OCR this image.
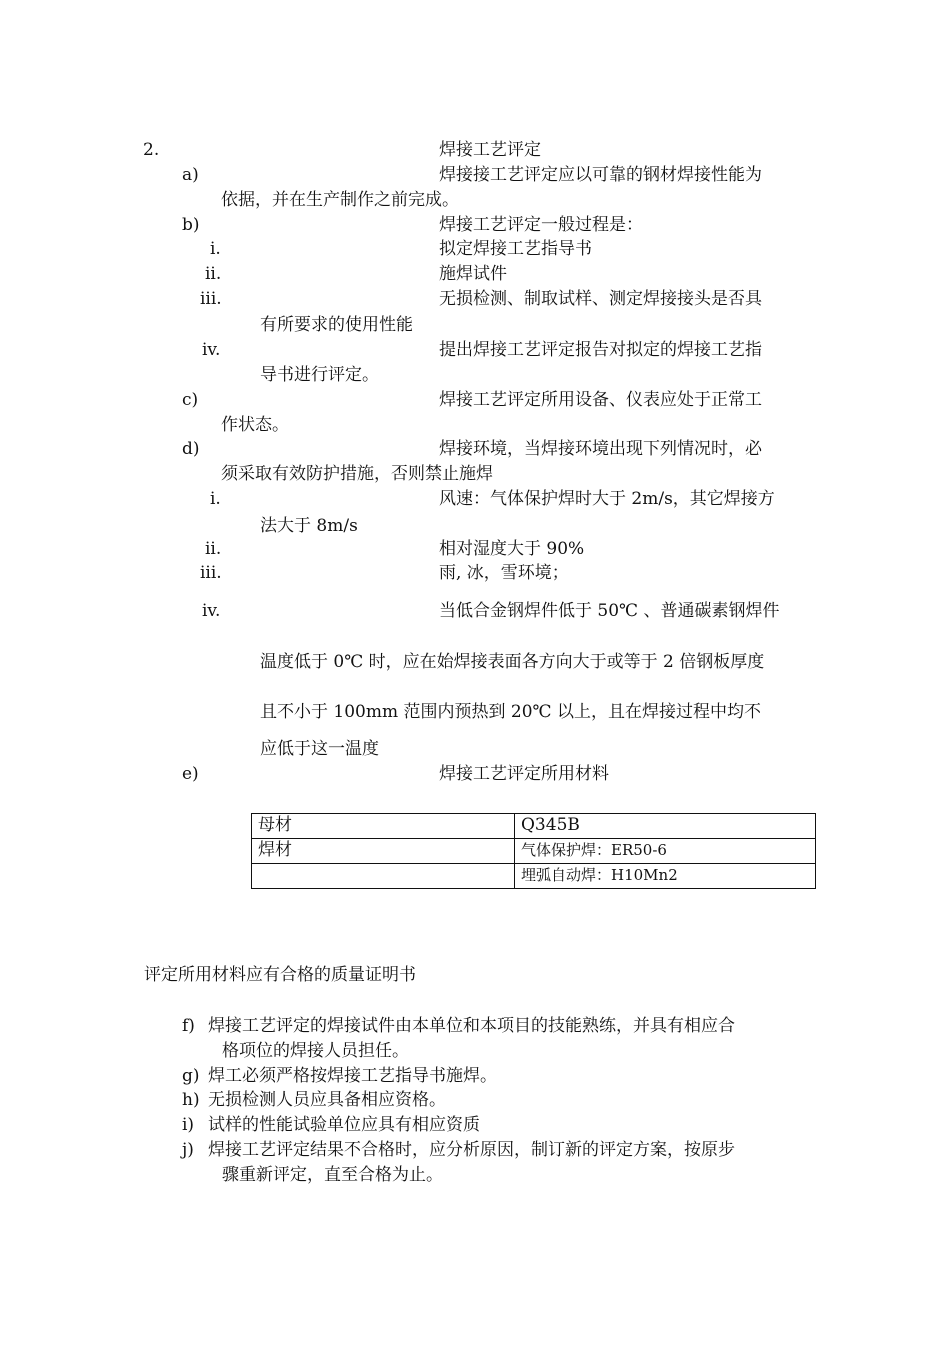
2.	焊接工艺评定
a)	焊接接工艺评定应以可靠的钢材焊接性能为
依据，并在生产制作之前完成。
b)	焊接工艺评定一般过程是：
i.	拟定焊接工艺指导书
ii.	施焊试件
iii.	无损检测、制取试样、测定焊接接头是否具
有所要求的使用性能
iv.	提出焊接工艺评定报告对拟定的焊接工艺指
导书进行评定。
c)	焊接工艺评定所用设备、仪表应处于正常工
作状态。
d)	焊接环境，当焊接环境出现下列情况时，必
须采取有效防护措施，否则禁止施焊
i.	风速：气体保护焊时大于 2m/s，其它焊接方
法大于 8m/s
ii.	相对湿度大于 90%
iii.	雨, 冰，雪环境；
iv.	当低合金钢焊件低于 50℃ 、普通碳素钢焊件
温度低于 0℃ 时，应在始焊接表面各方向大于或等于 2 倍钢板厚度
且不小于 100mm 范围内预热到 20℃ 以上，且在焊接过程中均不
应低于这一温度
e)	焊接工艺评定所用材料
母材	Q345B
焊材	气体保护焊：ER50-6
	埋弧自动焊：H10Mn2
评定所用材料应有合格的质量证明书
f) 焊接工艺评定的焊接试件由本单位和本项目的技能熟练，并具有相应合
格项位的焊接人员担任。
g) 焊工必须严格按焊接工艺指导书施焊。
h) 无损检测人员应具备相应资格。
i) 试样的性能试验单位应具有相应资质
j) 焊接工艺评定结果不合格时，应分析原因，制订新的评定方案，按原步
骤重新评定，直至合格为止。
